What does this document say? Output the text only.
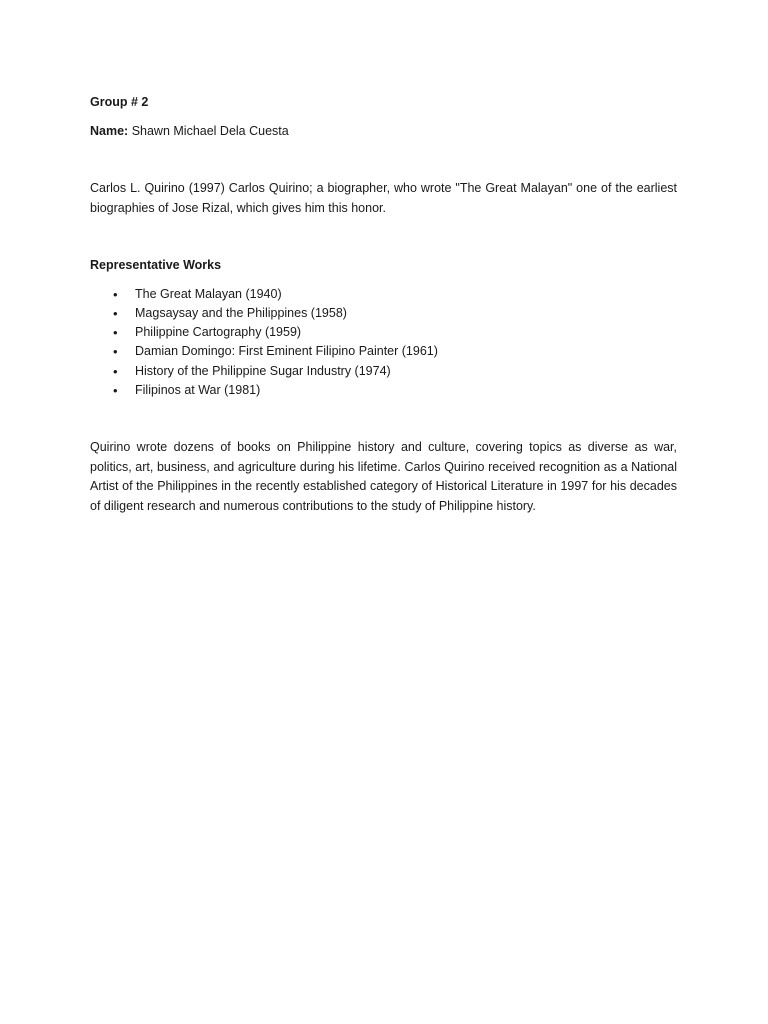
Group # 2

Name: Shawn Michael Dela Cuesta

Carlos L. Quirino (1997) Carlos Quirino; a biographer, who wrote "The Great Malayan" one of the earliest biographies of Jose Rizal, which gives him this honor.

Representative Works

• The Great Malayan (1940)
• Magsaysay and the Philippines (1958)
• Philippine Cartography (1959)
• Damian Domingo: First Eminent Filipino Painter (1961)
• History of the Philippine Sugar Industry (1974)
• Filipinos at War (1981)

Quirino wrote dozens of books on Philippine history and culture, covering topics as diverse as war, politics, art, business, and agriculture during his lifetime. Carlos Quirino received recognition as a National Artist of the Philippines in the recently established category of Historical Literature in 1997 for his decades of diligent research and numerous contributions to the study of Philippine history.
